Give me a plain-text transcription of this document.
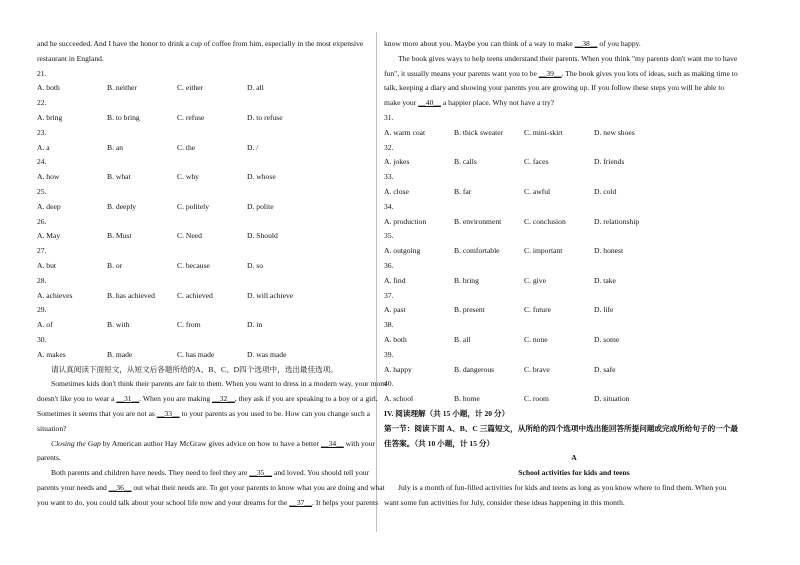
and he succeeded. And I have the honor to drink a cup of coffee from him, especially in the most expensive
restaurant in England.
21.
A. both	B. neither	C. either	D. all
22.
A. bring	B. to bring	C. refuse	D. to refuse
23.
A. a	B. an	C. the	D. /
24.
A. how	B. what	C. why	D. whose
25.
A. deep	B. deeply	C. politely	D. polite
26.
A. May	B. Must	C. Need	D. Should
27.
A. but	B. or	C. because	D. so
28.
A. achieves	B. has achieved	C. achieved	D. will achieve
29.
A. of	B. with	C. from	D. in
30.
A. makes	B. made	C. has made	D. was made
请认真阅读下面短文，从短文后各题所给的A、B、C、D四个选项中，选出最佳选项。
Sometimes kids don't think their parents are fair to them. When you want to dress in a modern way, your mom
doesn't like you to wear a __31__. When you are making __32__, they ask if you are speaking to a boy or a girl.
Sometimes it seems that you are not as __33__ to your parents as you used to be. How can you change such a
situation?
Closing the Gap by American author Hay McGraw gives advice on how to have a better __34__ with your
parents.
Both parents and children have needs. They need to feel they are __35__ and loved. You should tell your
parents your needs and __36__ out what their needs are. To get your parents to know what you are doing and what
you want to do, you could talk about your school life now and your dreams for the __37__. It helps your parents
know more about you. Maybe you can think of a way to make __38__ of you happy.
The book gives ways to help teens understand their parents. When you think "my parents don't want me to have
fun", it usually means your parents want you to be __39__. The book gives you lots of ideas, such as making time to
talk, keeping a diary and showing your parents you are growing up. If you follow these steps you will be able to
make your __40__ a happier place. Why not have a try?
31.
A. warm coat	B. thick sweater	C. mini-skirt	D. new shoes
32.
A. jokes	B. calls	C. faces	D. friends
33.
A. close	B. far	C. awful	D. cold
34.
A. production	B. environment	C. conclusion	D. relationship
35.
A. outgoing	B. comfortable	C. important	D. honest
36.
A. find	B. bring	C. give	D. take
37.
A. past	B. present	C. future	D. life
38.
A. both	B. all	C. none	D. some
39.
A. happy	B. dangerous	C. brave	D. safe
40.
A. school	B. home	C. room	D. situation
IV. 阅读理解（共 15 小题，计 20 分）
第一节：阅读下面 A、B、C 三篇短文，从所给的四个选项中选出能回答所提问题或完成所给句子的一个最
佳答案。（共 10 小题，计 15 分）
A
School activities for kids and teens
July is a month of fun-filled activities for kids and teens as long as you know where to find them. When you
want some fun activities for July, consider these ideas happening in this month.
